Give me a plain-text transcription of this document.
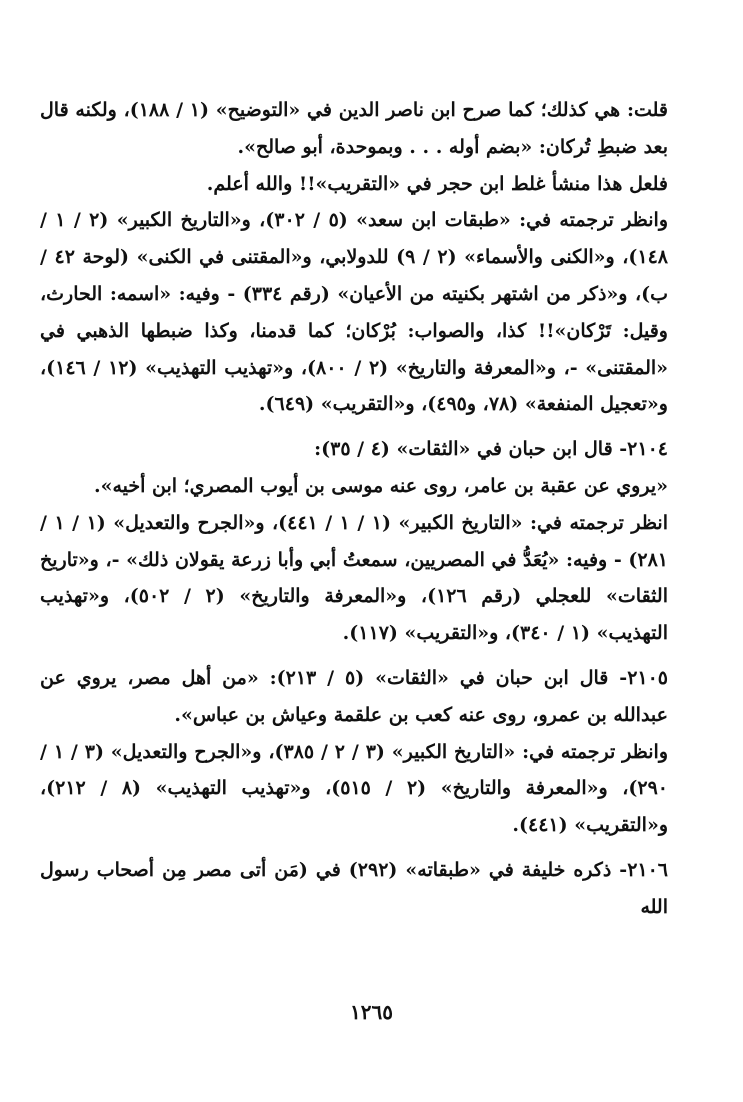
قلت: هي كذلك؛ كما صرح ابن ناصر الدين في «التوضيح» (١ / ١٨٨)، ولكنه قال بعد ضبطِ تُركان: «بضم أوله . . . وبموحدة، أبو صالح».

فلعل هذا منشأ غلط ابن حجر في «التقريب»!! والله أعلم.

وانظر ترجمته في: «طبقات ابن سعد» (٥ / ٣٠٢)، و«التاريخ الكبير» (٢ / ١ / ١٤٨)، و«الكنى والأسماء» (٢ / ٩) للدولابي، و«المقتنى في الكنى» (لوحة ٤٢ / ب)، و«ذكر من اشتهر بكنيته من الأعيان» (رقم ٣٣٤) - وفيه: «اسمه: الحارث، وقيل: تَرْكان»!! كذا، والصواب: بُرْكان؛ كما قدمنا، وكذا ضبطها الذهبي في «المقتنى» -، و«المعرفة والتاريخ» (٢ / ٨٠٠)، و«تهذيب التهذيب» (١٢ / ١٤٦)، و«تعجيل المنفعة» (٧٨، و٤٩٥)، و«التقريب» (٦٤٩).

٢١٠٤- قال ابن حبان في «الثقات» (٤ / ٣٥):

«يروي عن عقبة بن عامر، روى عنه موسى بن أيوب المصري؛ ابن أخيه».

انظر ترجمته في: «التاريخ الكبير» (١ / ١ / ٤٤١)، و«الجرح والتعديل» (١ / ١ / ٢٨١) - وفيه: «يُعَدُّ في المصريين، سمعتُ أبي وأبا زرعة يقولان ذلك» -، و«تاريخ الثقات» للعجلي (رقم ١٢٦)، و«المعرفة والتاريخ» (٢ / ٥٠٢)، و«تهذيب التهذيب» (١ / ٣٤٠)، و«التقريب» (١١٧).

٢١٠٥- قال ابن حبان في «الثقات» (٥ / ٢١٣): «من أهل مصر، يروي عن عبدالله بن عمرو، روى عنه كعب بن علقمة وعياش بن عباس».

وانظر ترجمته في: «التاريخ الكبير» (٣ / ٢ / ٣٨٥)، و«الجرح والتعديل» (٣ / ١ / ٢٩٠)، و«المعرفة والتاريخ» (٢ / ٥١٥)، و«تهذيب التهذيب» (٨ / ٢١٢)، و«التقريب» (٤٤١).

٢١٠٦- ذكره خليفة في «طبقاته» (٢٩٢) في (مَن أتى مصر مِن أصحاب رسول الله

١٢٦٥
